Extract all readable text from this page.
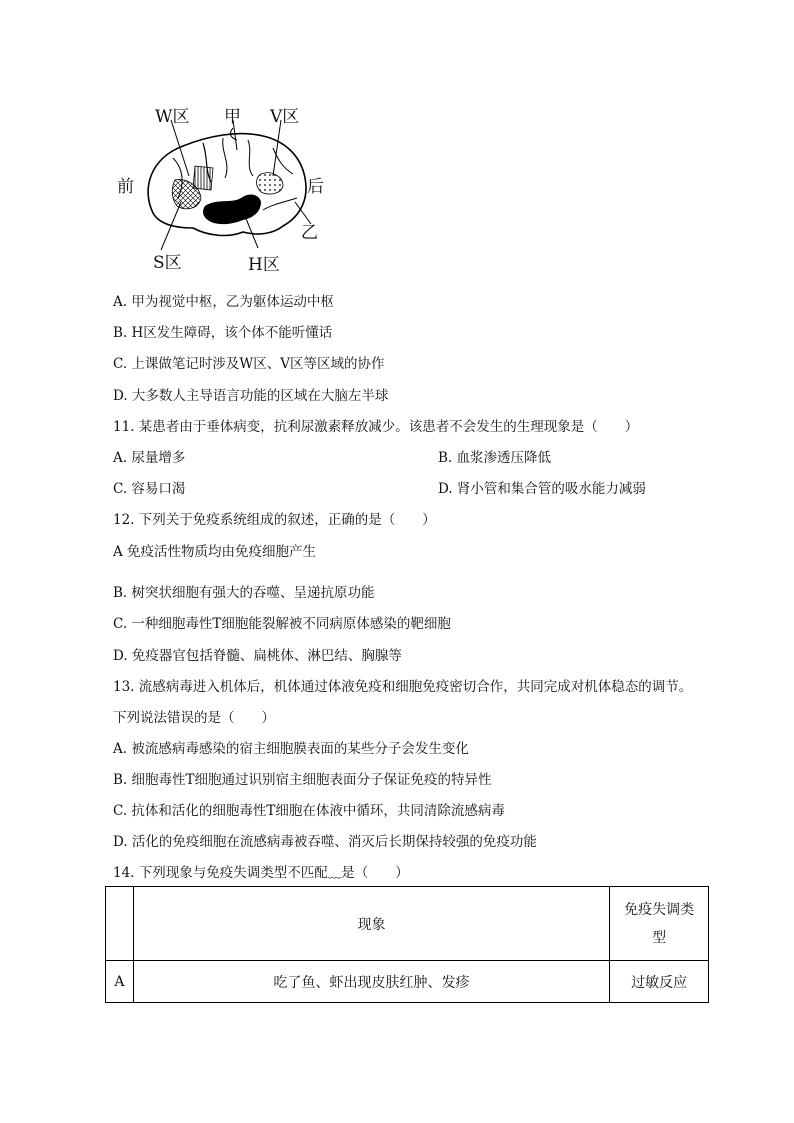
W区 甲 V区
前	后
乙
S区	H区
A. 甲为视觉中枢，乙为躯体运动中枢
B. H区发生障碍，该个体不能听懂话
C. 上课做笔记时涉及W区、V区等区域的协作
D. 大多数人主导语言功能的区域在大脑左半球
11. 某患者由于垂体病变，抗利尿激素释放减少。该患者不会发生的生理现象是（　　）
A. 尿量增多	B. 血浆渗透压降低
C. 容易口渴	D. 肾小管和集合管的吸水能力减弱
12. 下列关于免疫系统组成的叙述，正确的是（　　）
A 免疫活性物质均由免疫细胞产生
B. 树突状细胞有强大的吞噬、呈递抗原功能
C. 一种细胞毒性T细胞能裂解被不同病原体感染的靶细胞
D. 免疫器官包括脊髓、扁桃体、淋巴结、胸腺等
13. 流感病毒进入机体后，机体通过体液免疫和细胞免疫密切合作，共同完成对机体稳态的调节。
下列说法错误的是（　　）
A. 被流感病毒感染的宿主细胞膜表面的某些分子会发生变化
B. 细胞毒性T细胞通过识别宿主细胞表面分子保证免疫的特异性
C. 抗体和活化的细胞毒性T细胞在体液中循环，共同清除流感病毒
D. 活化的免疫细胞在流感病毒被吞噬、消灭后长期保持较强的免疫功能
14. 下列现象与免疫失调类型不匹配﹏是（　　）
	现象	免疫失调类
型

A	吃了鱼、虾出现皮肤红肿、发疹	过敏反应
